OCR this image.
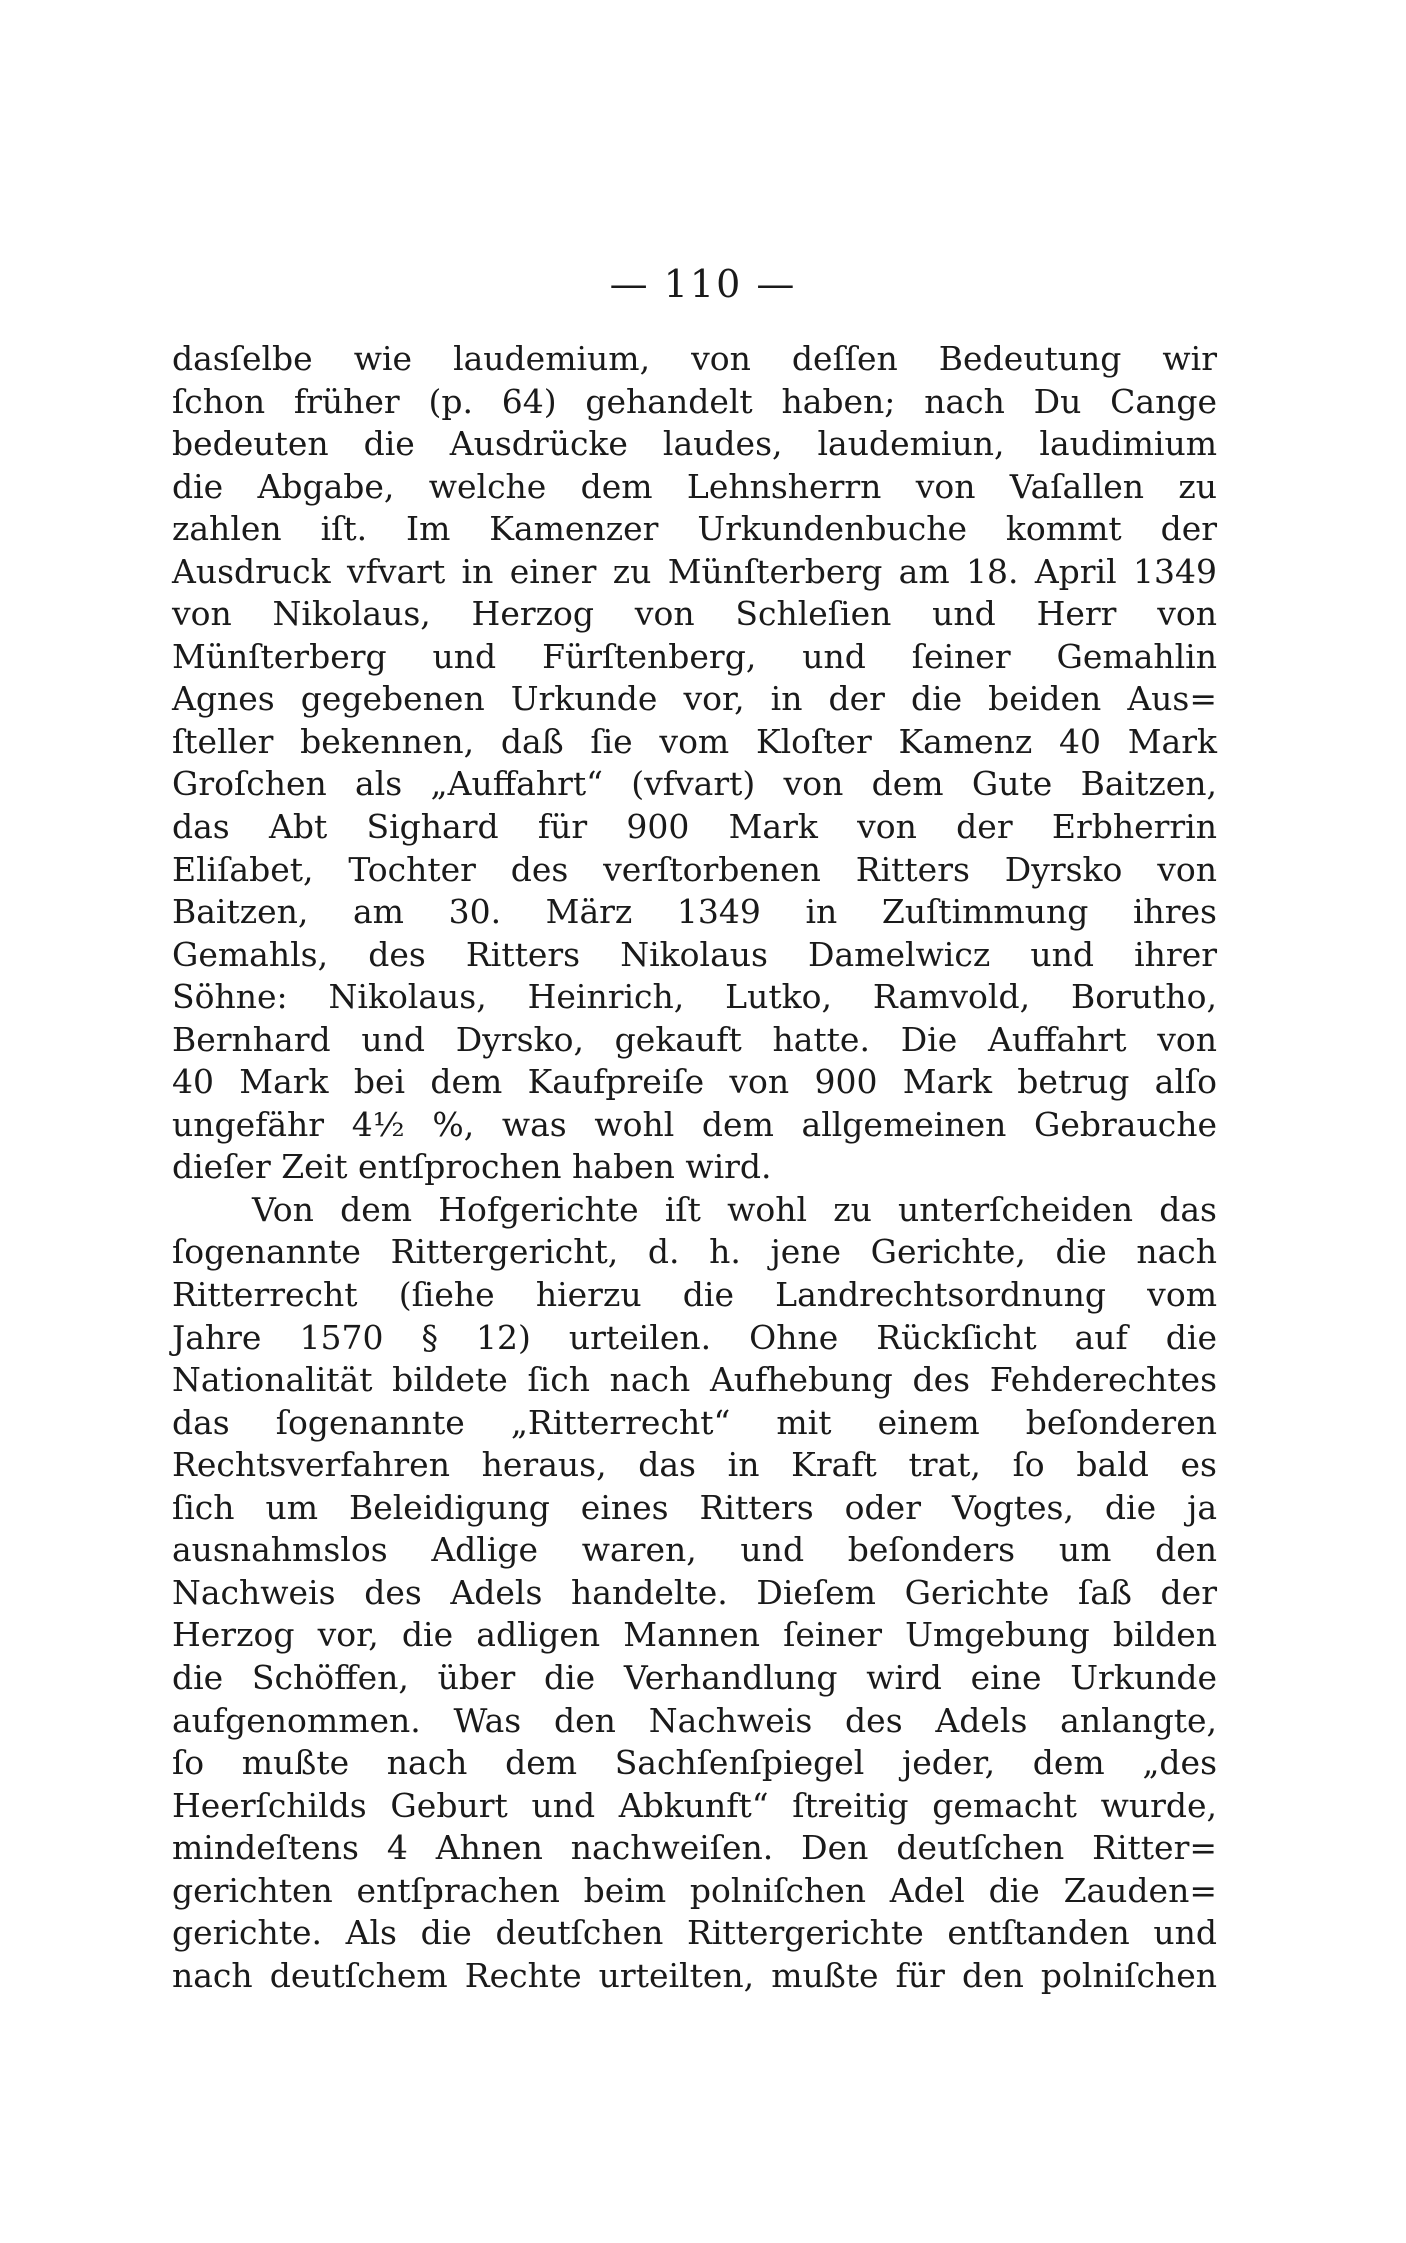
— 110 —
dasſelbe wie laudemium, von deſſen Bedeutung wir
ſchon früher (p. 64) gehandelt haben; nach Du Cange
bedeuten die Ausdrücke laudes, laudemiun, laudimium
die Abgabe, welche dem Lehnsherrn von Vaſallen zu
zahlen iſt. Im Kamenzer Urkundenbuche kommt der
Ausdruck vfvart in einer zu Münſterberg am 18. April 1349
von Nikolaus, Herzog von Schleſien und Herr von
Münſterberg und Fürſtenberg, und ſeiner Gemahlin
Agnes gegebenen Urkunde vor, in der die beiden Aus=
ſteller bekennen, daß ſie vom Kloſter Kamenz 40 Mark
Groſchen als „Auffahrt“ (vfvart) von dem Gute Baitzen,
das Abt Sighard für 900 Mark von der Erbherrin
Eliſabet, Tochter des verſtorbenen Ritters Dyrsko von
Baitzen, am 30. März 1349 in Zuſtimmung ihres
Gemahls, des Ritters Nikolaus Damelwicz und ihrer
Söhne: Nikolaus, Heinrich, Lutko, Ramvold, Borutho,
Bernhard und Dyrsko, gekauft hatte. Die Auffahrt von
40 Mark bei dem Kaufpreiſe von 900 Mark betrug alſo
ungefähr 4½ %, was wohl dem allgemeinen Gebrauche
dieſer Zeit entſprochen haben wird.
Von dem Hofgerichte iſt wohl zu unterſcheiden das
ſogenannte Rittergericht, d. h. jene Gerichte, die nach
Ritterrecht (ſiehe hierzu die Landrechtsordnung vom
Jahre 1570 § 12) urteilen. Ohne Rückſicht auf die
Nationalität bildete ſich nach Aufhebung des Fehderechtes
das ſogenannte „Ritterrecht“ mit einem beſonderen
Rechtsverfahren heraus, das in Kraft trat, ſo bald es
ſich um Beleidigung eines Ritters oder Vogtes, die ja
ausnahmslos Adlige waren, und beſonders um den
Nachweis des Adels handelte. Dieſem Gerichte ſaß der
Herzog vor, die adligen Mannen ſeiner Umgebung bilden
die Schöffen, über die Verhandlung wird eine Urkunde
aufgenommen. Was den Nachweis des Adels anlangte,
ſo mußte nach dem Sachſenſpiegel jeder, dem „des
Heerſchilds Geburt und Abkunft“ ſtreitig gemacht wurde,
mindeſtens 4 Ahnen nachweiſen. Den deutſchen Ritter=
gerichten entſprachen beim polniſchen Adel die Zauden=
gerichte. Als die deutſchen Rittergerichte entſtanden und
nach deutſchem Rechte urteilten, mußte für den polniſchen
